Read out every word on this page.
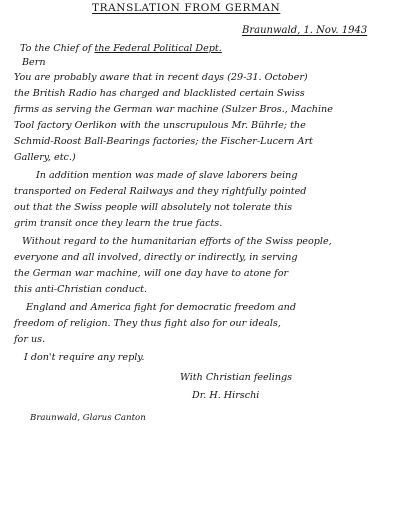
TRANSLATION FROM GERMAN
Braunwald, 1. Nov. 1943
To the Chief of the Federal Political Dept.
Bern
You are probably aware that in recent days (29-31. October)
the British Radio has charged and blacklisted certain Swiss
firms as serving the German war machine (Sulzer Bros., Machine
Tool factory Oerlikon with the unscrupulous Mr. Bührle; the
Schmid-Roost Ball-Bearings factories; the Fischer-Lucern Art
Gallery, etc.)
In addition mention was made of slave laborers being
transported on Federal Railways and they rightfully pointed
out that the Swiss people will absolutely not tolerate this
grim transit once they learn the true facts.
Without regard to the humanitarian efforts of the Swiss people,
everyone and all involved, directly or indirectly, in serving
the German war machine, will one day have to atone for
this anti-Christian conduct.
England and America fight for democratic freedom and
freedom of religion. They thus fight also for our ideals,
for us.
I don't require any reply.
With Christian feelings
Dr. H. Hirschi
Braunwald, Glarus Canton
